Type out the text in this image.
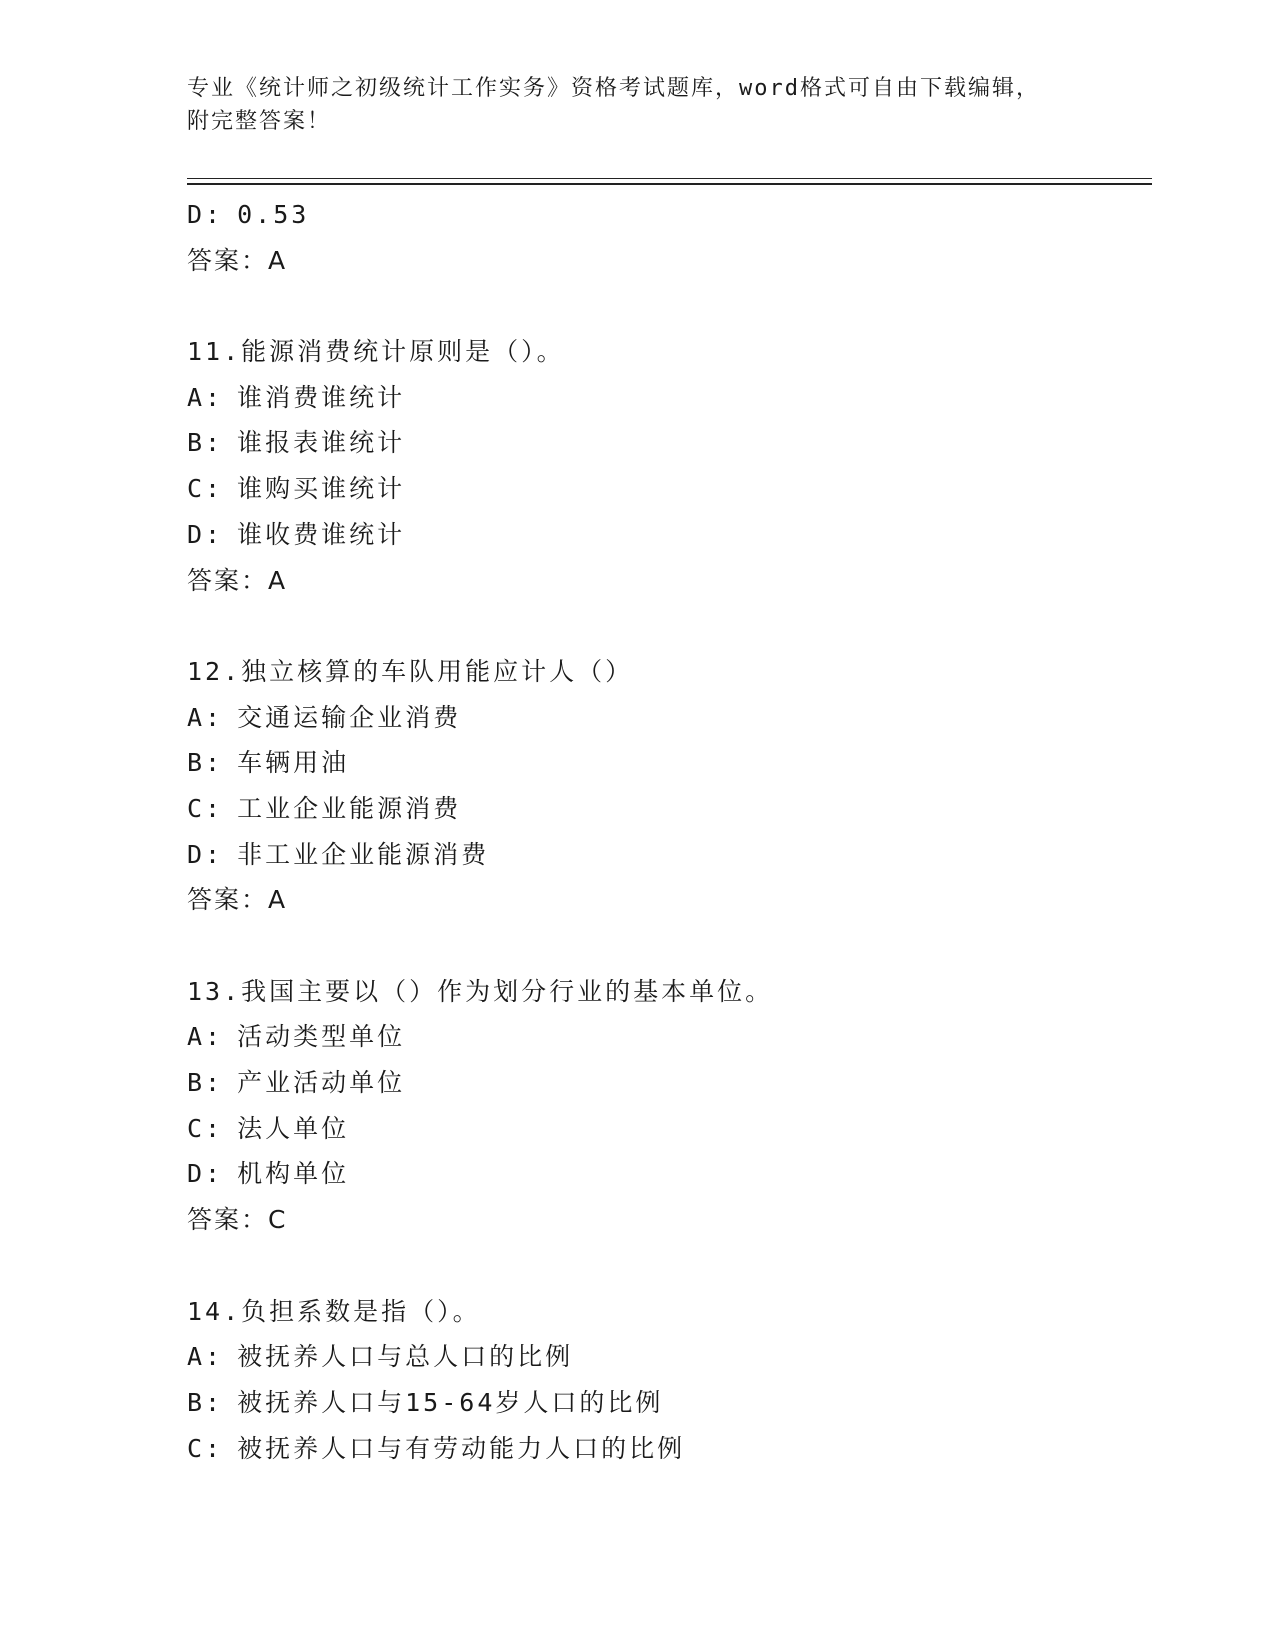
专业《统计师之初级统计工作实务》资格考试题库，word格式可自由下载编辑，
附完整答案！
D: 0.53
答案：A
11.能源消费统计原则是（）。
A: 谁消费谁统计
B: 谁报表谁统计
C: 谁购买谁统计
D: 谁收费谁统计
答案：A
12.独立核算的车队用能应计人（）
A: 交通运输企业消费
B: 车辆用油
C: 工业企业能源消费
D: 非工业企业能源消费
答案：A
13.我国主要以（）作为划分行业的基本单位。
A: 活动类型单位
B: 产业活动单位
C: 法人单位
D: 机构单位
答案：C
14.负担系数是指（）。
A: 被抚养人口与总人口的比例
B: 被抚养人口与15-64岁人口的比例
C: 被抚养人口与有劳动能力人口的比例
